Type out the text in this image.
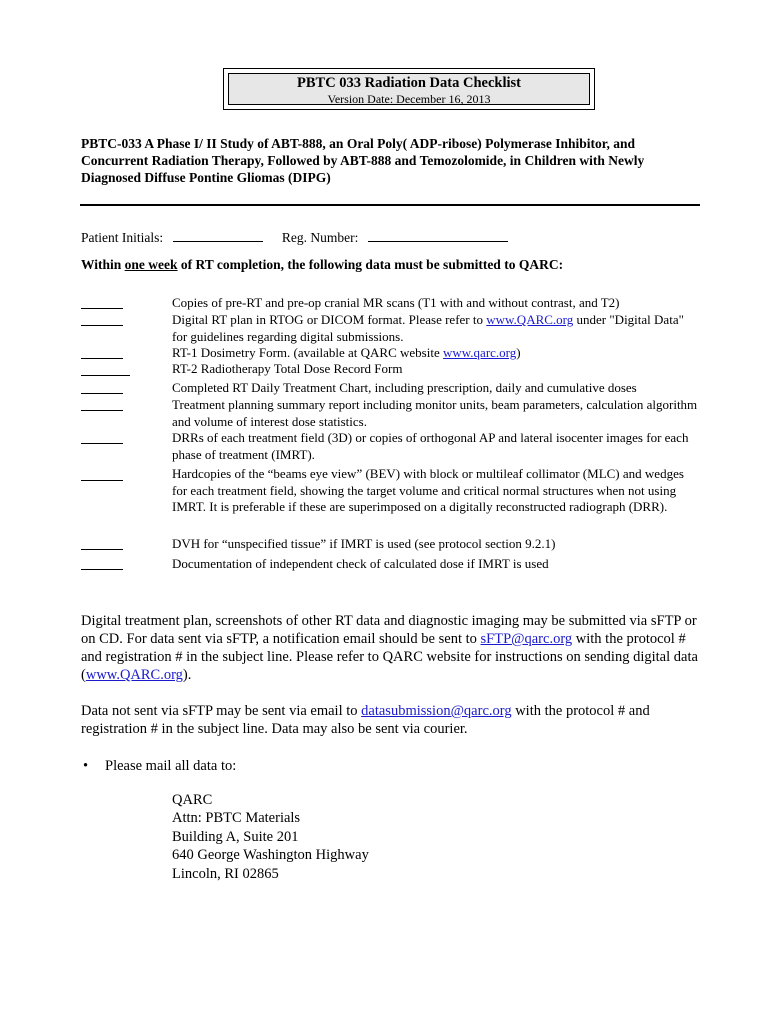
PBTC 033 Radiation Data Checklist
Version Date: December 16, 2013
PBTC-033 A Phase I/ II Study of ABT-888, an Oral Poly( ADP-ribose) Polymerase Inhibitor, and Concurrent Radiation Therapy, Followed by ABT-888 and Temozolomide, in Children with Newly Diagnosed Diffuse Pontine Gliomas (DIPG)
Patient Initials:	Reg. Number:
Within one week of RT completion, the following data must be submitted to QARC:
Copies of pre-RT and pre-op cranial MR scans (T1 with and without contrast, and T2)
Digital RT plan in RTOG or DICOM format. Please refer to www.QARC.org under "Digital Data" for guidelines regarding digital submissions.
RT-1 Dosimetry Form. (available at QARC website www.qarc.org)
RT-2 Radiotherapy Total Dose Record Form
Completed RT Daily Treatment Chart, including prescription, daily and cumulative doses
Treatment planning summary report including monitor units, beam parameters, calculation algorithm and volume of interest dose statistics.
DRRs of each treatment field (3D) or copies of orthogonal AP and lateral isocenter images for each phase of treatment (IMRT).
Hardcopies of the “beams eye view” (BEV) with block or multileaf collimator (MLC) and wedges for each treatment field, showing the target volume and critical normal structures when not using IMRT. It is preferable if these are superimposed on a digitally reconstructed radiograph (DRR).
DVH for “unspecified tissue” if IMRT is used (see protocol section 9.2.1)
Documentation of independent check of calculated dose if IMRT is used
Digital treatment plan, screenshots of other RT data and diagnostic imaging may be submitted via sFTP or on CD. For data sent via sFTP, a notification email should be sent to sFTP@qarc.org with the protocol # and registration # in the subject line. Please refer to QARC website for instructions on sending digital data (www.QARC.org).
Data not sent via sFTP may be sent via email to datasubmission@qarc.org with the protocol # and registration # in the subject line. Data may also be sent via courier.
• Please mail all data to:
QARC
Attn: PBTC Materials
Building A, Suite 201
640 George Washington Highway
Lincoln, RI 02865
